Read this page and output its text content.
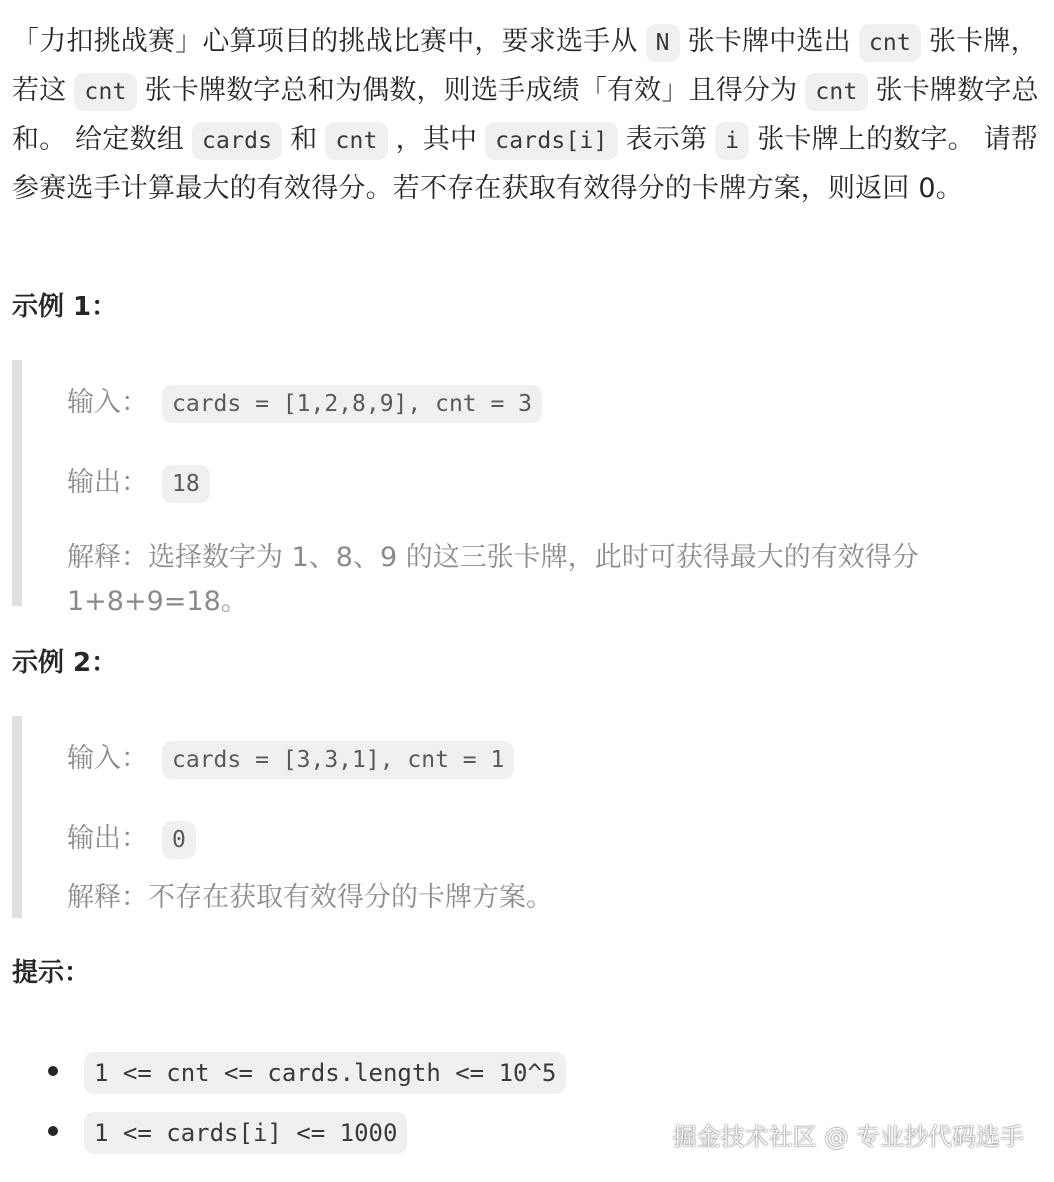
「力扣挑战赛」心算项目的挑战比赛中，要求选手从 N 张卡牌中选出 cnt 张卡牌，若这 cnt 张卡牌数字总和为偶数，则选手成绩「有效」且得分为 cnt 张卡牌数字总和。 给定数组 cards 和 cnt ，其中 cards[i] 表示第 i 张卡牌上的数字。 请帮参赛选手计算最大的有效得分。若不存在获取有效得分的卡牌方案，则返回 0。

示例 1：
输入： cards = [1,2,8,9], cnt = 3
输出： 18
解释：选择数字为 1、8、9 的这三张卡牌，此时可获得最大的有效得分 1+8+9=18。
示例 2：
输入： cards = [3,3,1], cnt = 1
输出： 0
解释：不存在获取有效得分的卡牌方案。
提示：
1 <= cnt <= cards.length <= 10^5
1 <= cards[i] <= 1000	掘金技术社区 @ 专业抄代码选手
